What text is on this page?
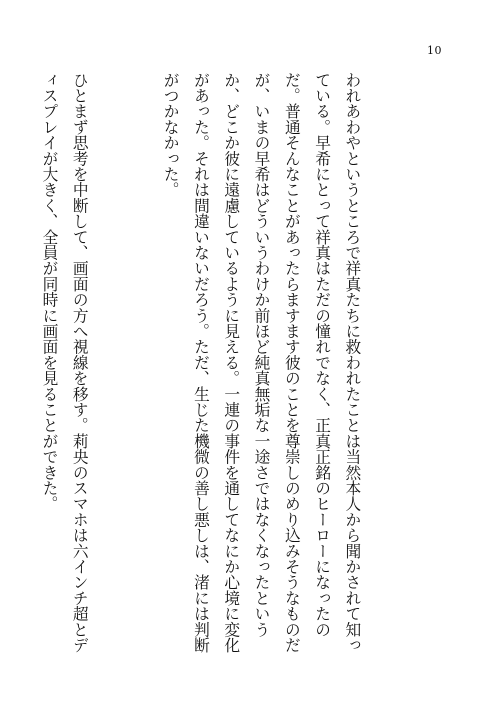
10

われあわやというところで祥真たちに救われたことは当然本人から聞かされて知っている。早希にとって祥真はただの憧れでなく、正真正銘のヒーローになったのだ。普通そんなことがあったらますます彼のことを尊崇しのめり込みそうなものだが、いまの早希はどういうわけか前ほど純真無垢な一途さではなくなったというか、どこか彼に遠慮しているように見える。一連の事件を通してなにか心境に変化があった。それは間違いないだろう。ただ、生じた機微の善し悪しは、渚には判断がつかなかった。

ひとまず思考を中断して、画面の方へ視線を移す。莉央のスマホは六インチ超とディスプレイが大きく、全員が同時に画面を見ることができた。
